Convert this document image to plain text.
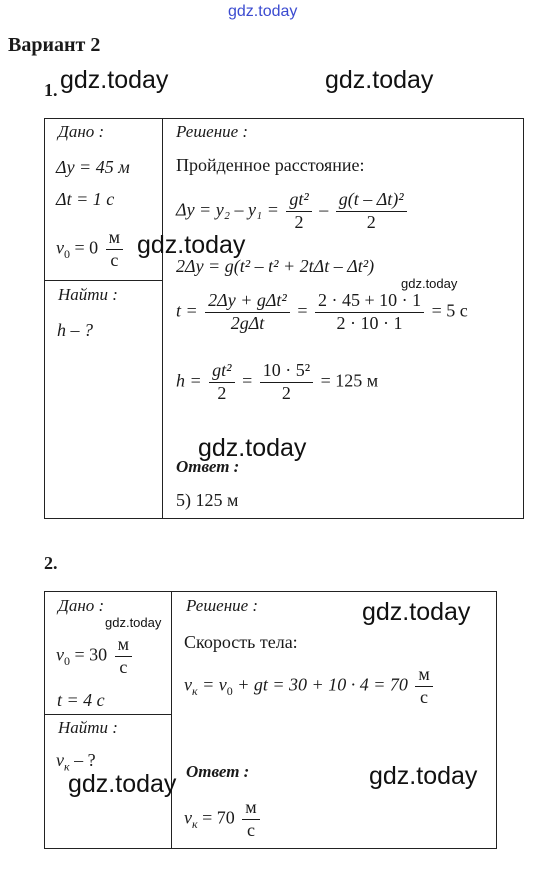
gdz.today
Вариант 2
1. gdz.today	gdz.today
Дано :
Δy = 45 м
Δt = 1 с
$v_0 = 0 \frac{м}{с}$ gdz.today
Найти :
h – ?
Решение :
Пройденное расстояние:
$\Delta y = y_2 - y_1 = \frac{\text{gt²}}{2} - \frac{\text{g(t – Δt)²}}{2}$
2Δy = g(t² – t² + 2tΔt – Δt²)
gdz.today
$t = \frac{\text{2Δy + gΔt²}}{\text{2gΔt}} = \frac{2 \cdot 45 + 10 \cdot 1}{2 \cdot 10 \cdot 1} = 5$ с
$h = \frac{\text{gt²}}{2} = \frac{\text{10 · 5²}}{2} = 125$ м
gdz.today
Ответ :
5) 125 м
2.
Дано :
gdz.today
$v_0 = 30 \frac{м}{с}$
t = 4 с
Найти :
$v_к$ – ?
gdz.today
Решение :	gdz.today
Скорость тела:
$v_к = v_0$ + gt = $30 + 10 \cdot 4 = 70 \frac{м}{с}$
Ответ :	gdz.today
$v_к = 70 \frac{м}{с}$
